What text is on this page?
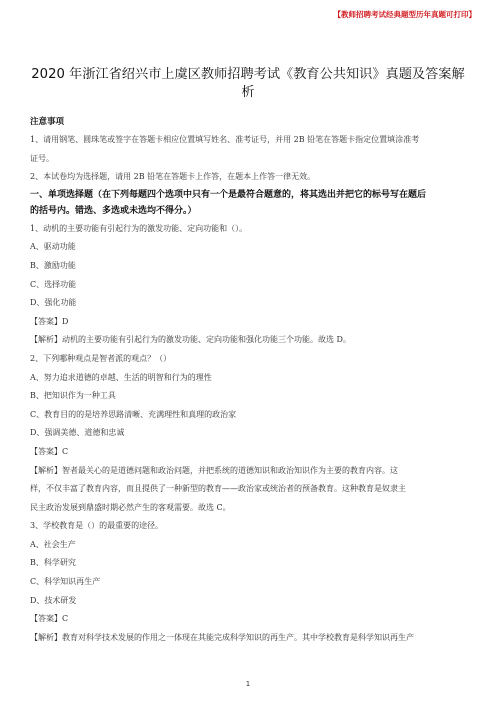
【教师招聘考试经典题型历年真题可打印】
2020 年浙江省绍兴市上虞区教师招聘考试《教育公共知识》真题及答案解
析
注意事项
1、请用钢笔、圆珠笔或签字在答题卡相应位置填写姓名、准考证号，并用 2B 铅笔在答题卡指定位置填涂准考
证号。
2、本试卷均为选择题，请用 2B 铅笔在答题卡上作答，在题本上作答一律无效。
一、单项选择题（在下列每题四个选项中只有一个是最符合题意的，将其选出并把它的标号写在题后
的括号内。错选、多选或未选均不得分。）
1、动机的主要功能有引起行为的激发功能、定向功能和（）。
A、驱动功能
B、激励功能
C、选择功能
D、强化功能
【答案】D
【解析】动机的主要功能有引起行为的激发功能、定向功能和强化功能三个功能。故选 D。
2、下列哪种观点是智者派的观点？（）
A、努力追求道德的卓越、生活的明智和行为的理性
B、把知识作为一种工具
C、教育目的的是培养思路清晰、充满理性和真理的政治家
D、强调美德、道德和忠诚
【答案】C
【解析】智者最关心的是道德问题和政治问题，并把系统的道德知识和政治知识作为主要的教育内容。这
样，不仅丰富了教育内容，而且提供了一种新型的教育——政治家或统治者的预备教育。这种教育是奴隶主
民主政治发展到鼎盛时期必然产生的客观需要。故选 C。
3、学校教育是（）的最重要的途径。
A、社会生产
B、科学研究
C、科学知识再生产
D、技术研发
【答案】C
【解析】教育对科学技术发展的作用之一体现在其能完成科学知识的再生产。其中学校教育是科学知识再生产
1
